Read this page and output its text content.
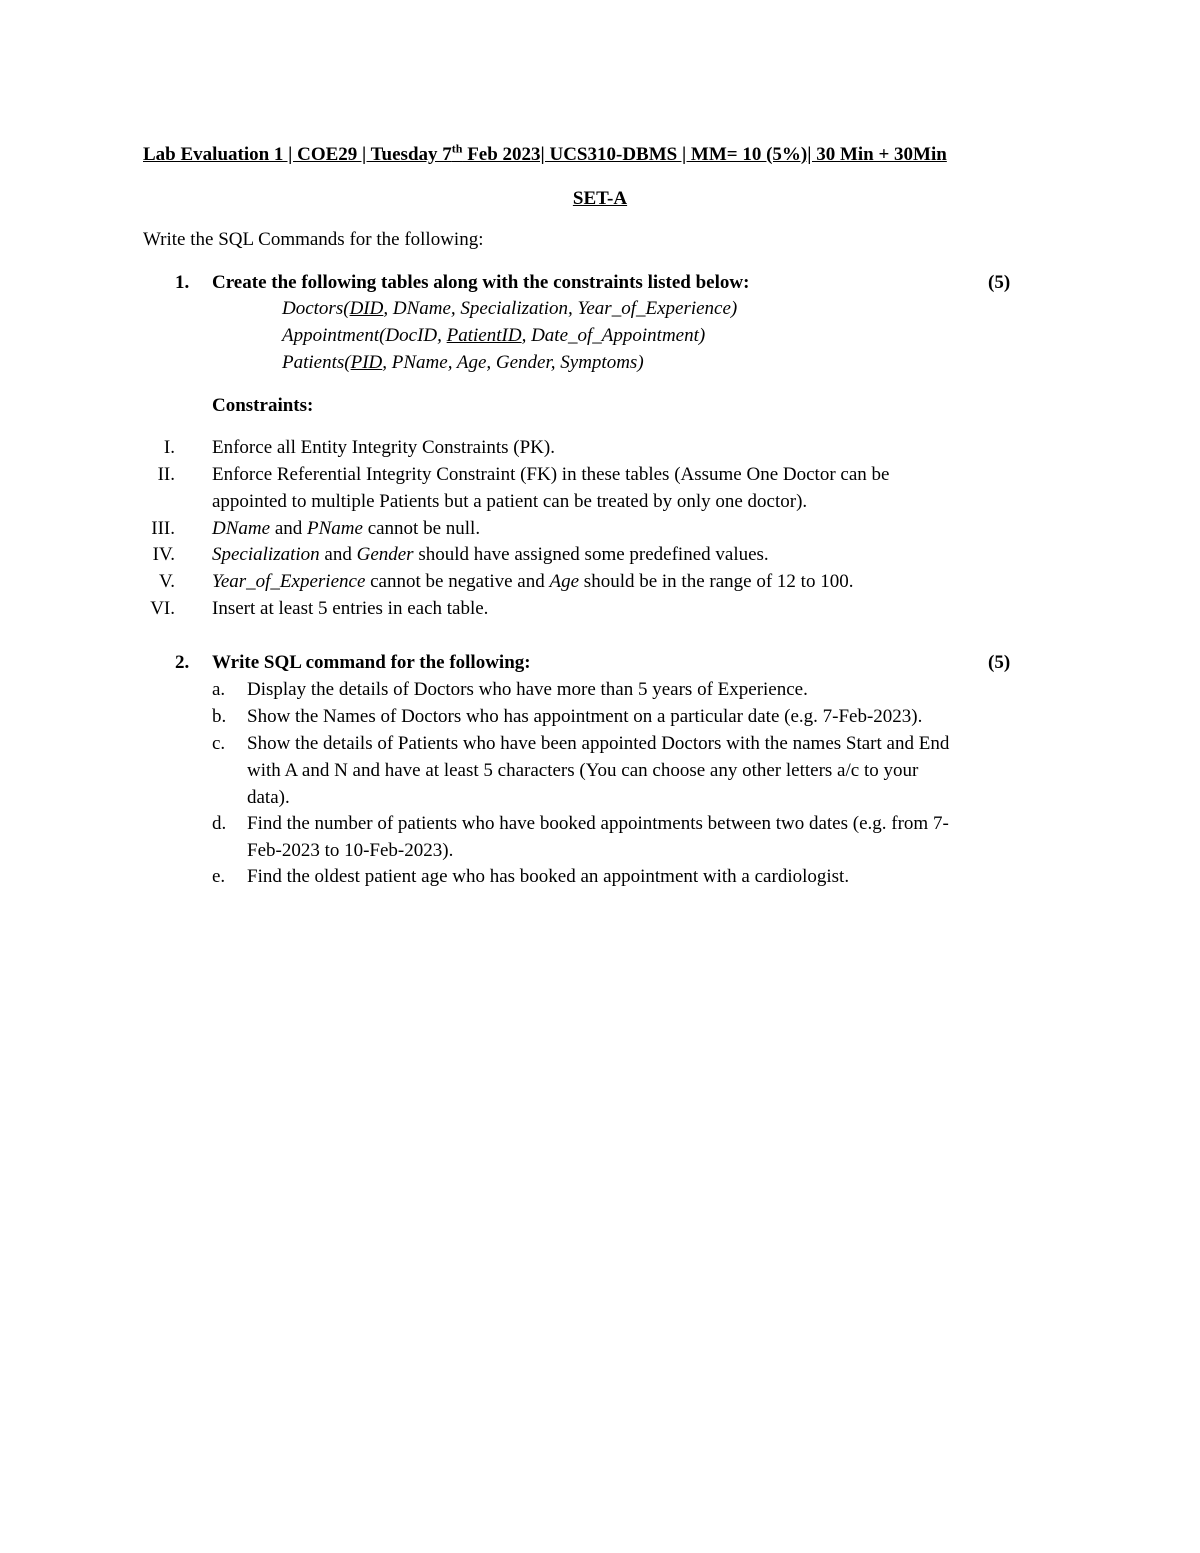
Lab Evaluation 1 | COE29 | Tuesday 7th Feb 2023| UCS310-DBMS | MM= 10 (5%)| 30 Min + 30Min
SET-A
Write the SQL Commands for the following:
1. Create the following tables along with the constraints listed below:	(5)
Doctors(DID, DName, Specialization, Year_of_Experience)
Appointment(DocID, PatientID, Date_of_Appointment)
Patients(PID, PName, Age, Gender, Symptoms)
Constraints:
I. Enforce all Entity Integrity Constraints (PK).
II. Enforce Referential Integrity Constraint (FK) in these tables (Assume One Doctor can be
appointed to multiple Patients but a patient can be treated by only one doctor).
III. DName and PName cannot be null.
IV. Specialization and Gender should have assigned some predefined values.
V. Year_of_Experience cannot be negative and Age should be in the range of 12 to 100.
VI. Insert at least 5 entries in each table.
2. Write SQL command for the following:	(5)
a. Display the details of Doctors who have more than 5 years of Experience.
b. Show the Names of Doctors who has appointment on a particular date (e.g. 7-Feb-2023).
c. Show the details of Patients who have been appointed Doctors with the names Start and End
with A and N and have at least 5 characters (You can choose any other letters a/c to your
data).
d. Find the number of patients who have booked appointments between two dates (e.g. from 7-
Feb-2023 to 10-Feb-2023).
e. Find the oldest patient age who has booked an appointment with a cardiologist.
